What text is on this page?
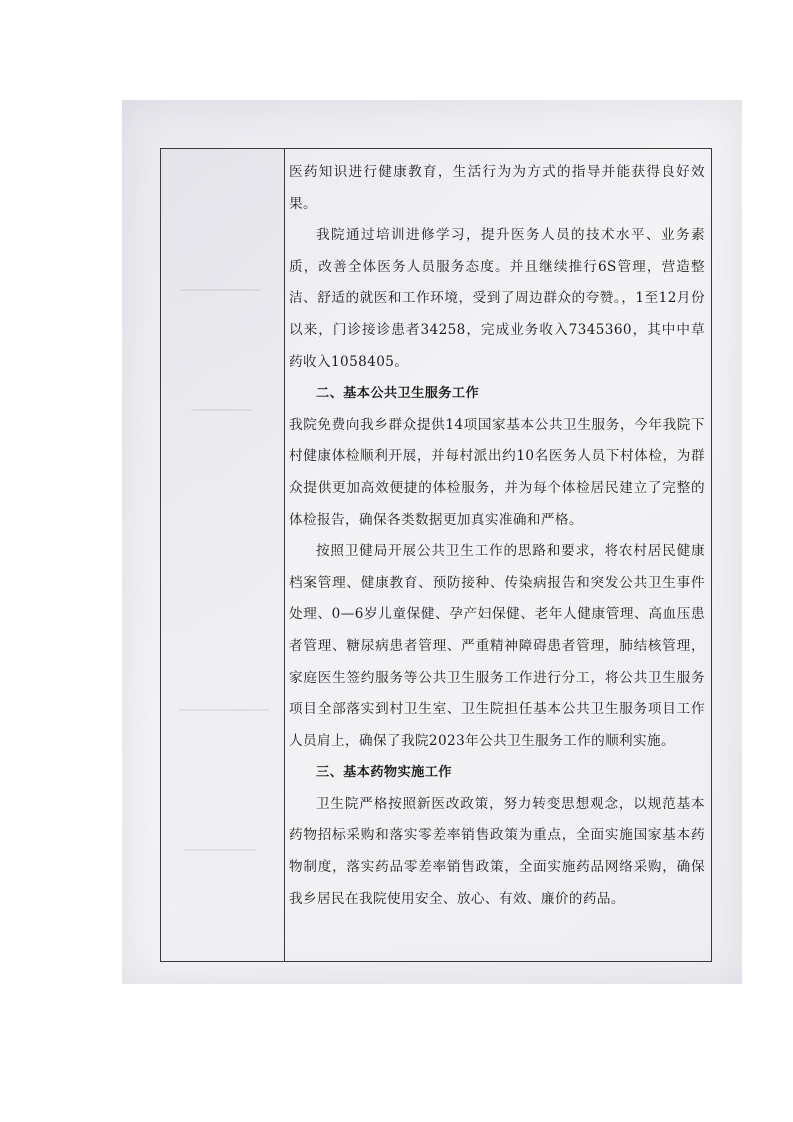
医药知识进行健康教育，生活行为为方式的指导并能获得良好效果。

我院通过培训进修学习，提升医务人员的技术水平、业务素质，改善全体医务人员服务态度。并且继续推行6S管理，营造整洁、舒适的就医和工作环境，受到了周边群众的夸赞。，1至12月份以来，门诊接诊患者34258，完成业务收入7345360，其中中草药收入1058405。

二、基本公共卫生服务工作

我院免费向我乡群众提供14项国家基本公共卫生服务，今年我院下村健康体检顺利开展，并每村派出约10名医务人员下村体检，为群众提供更加高效便捷的体检服务，并为每个体检居民建立了完整的体检报告，确保各类数据更加真实准确和严格。

按照卫健局开展公共卫生工作的思路和要求，将农村居民健康档案管理、健康教育、预防接种、传染病报告和突发公共卫生事件处理、0—6岁儿童保健、孕产妇保健、老年人健康管理、高血压患者管理、糖尿病患者管理、严重精神障碍患者管理，肺结核管理，家庭医生签约服务等公共卫生服务工作进行分工，将公共卫生服务项目全部落实到村卫生室、卫生院担任基本公共卫生服务项目工作人员肩上，确保了我院2023年公共卫生服务工作的顺利实施。

三、基本药物实施工作

卫生院严格按照新医改政策，努力转变思想观念，以规范基本药物招标采购和落实零差率销售政策为重点，全面实施国家基本药物制度，落实药品零差率销售政策，全面实施药品网络采购，确保我乡居民在我院使用安全、放心、有效、廉价的药品。
